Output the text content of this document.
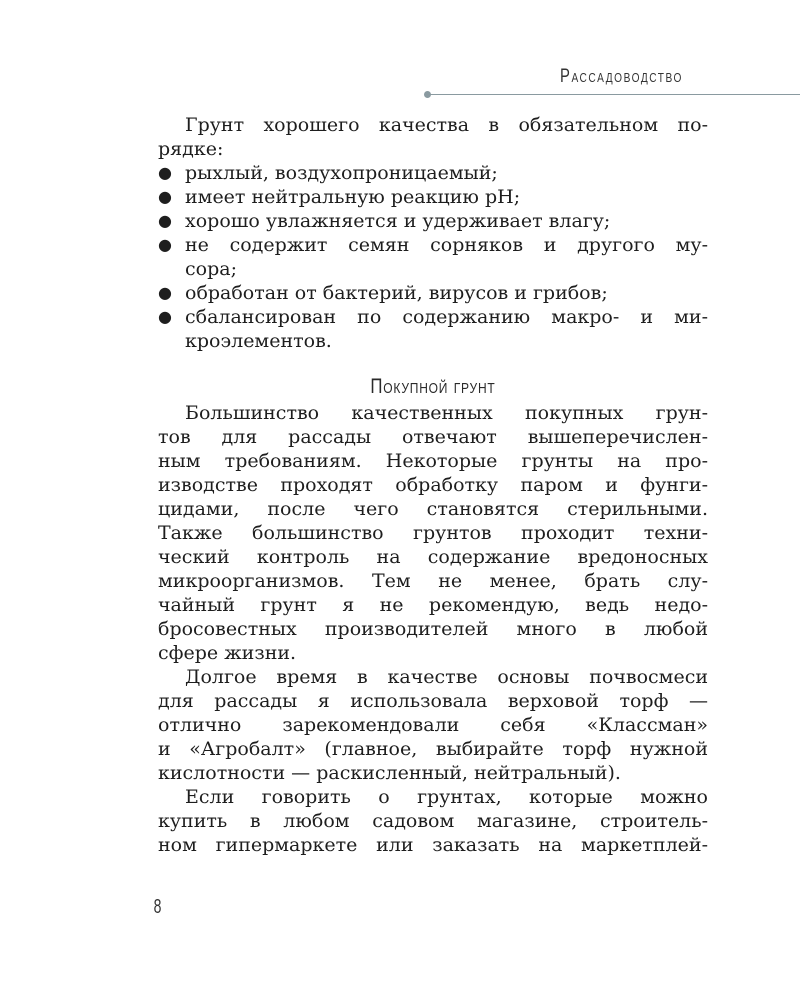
Рассадоводство
Грунт хорошего качества в обязательном по-
рядке:
● рыхлый, воздухопроницаемый;
● имеет нейтральную реакцию pH;
● хорошо увлажняется и удерживает влагу;
● не содержит семян сорняков и другого му-
сора;
● обработан от бактерий, вирусов и грибов;
● сбалансирован по содержанию макро- и ми-
кроэлементов.
Покупной грунт
Большинство качественных покупных грун-
тов для рассады отвечают вышеперечислен-
ным требованиям. Некоторые грунты на про-
изводстве проходят обработку паром и фунги-
цидами, после чего становятся стерильными.
Также большинство грунтов проходит техни-
ческий контроль на содержание вредоносных
микроорганизмов. Тем не менее, брать слу-
чайный грунт я не рекомендую, ведь недо-
бросовестных производителей много в любой
сфере жизни.
Долгое время в качестве основы почвосмеси
для рассады я использовала верховой торф —
отлично зарекомендовали себя «Классман»
и «Агробалт» (главное, выбирайте торф нужной
кислотности — раскисленный, нейтральный).
Если говорить о грунтах, которые можно
купить в любом садовом магазине, строитель-
ном гипермаркете или заказать на маркетплей-
8
